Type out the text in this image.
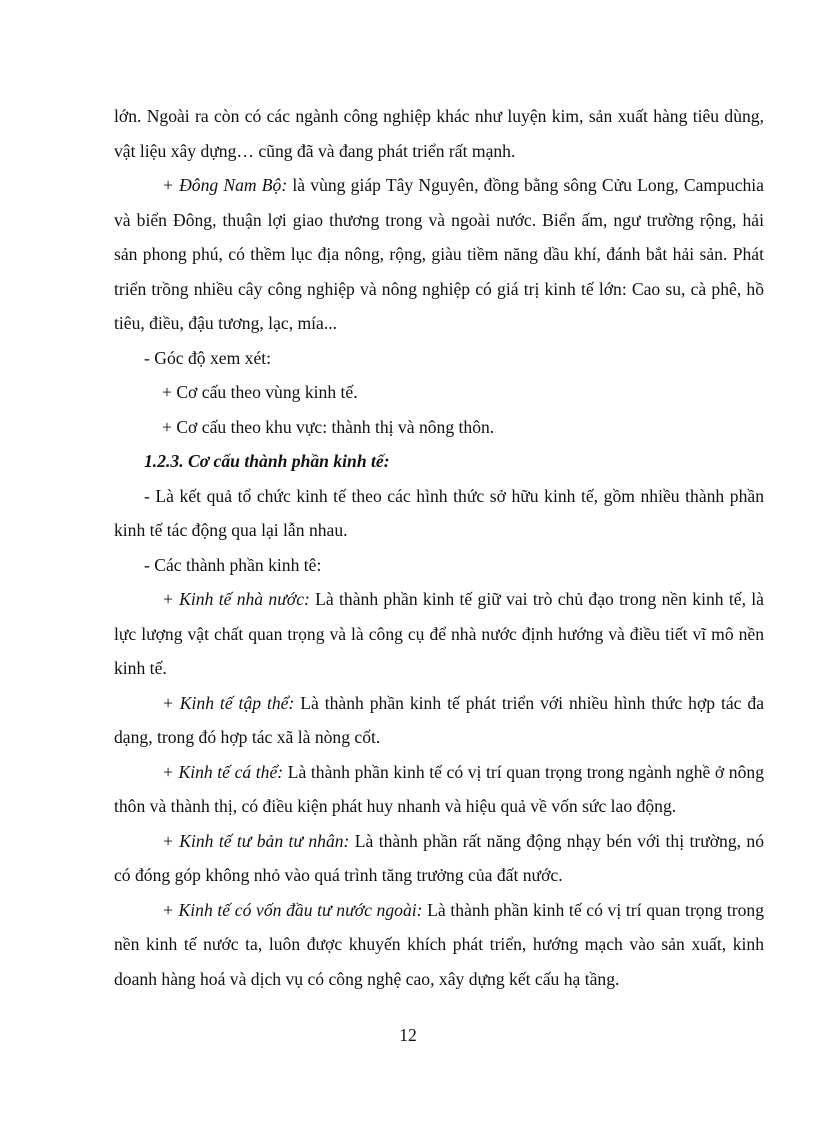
lớn. Ngoài ra còn có các ngành công nghiệp khác như luyện kim, sản xuất hàng tiêu dùng, vật liệu xây dựng… cũng đã và đang phát triển rất mạnh.

+ Đông Nam Bộ: là vùng giáp Tây Nguyên, đồng bằng sông Cửu Long, Campuchia và biển Đông, thuận lợi giao thương trong và ngoài nước. Biển ấm, ngư trường rộng, hải sản phong phú, có thềm lục địa nông, rộng, giàu tiềm năng dầu khí, đánh bắt hải sản. Phát triển trồng nhiều cây công nghiệp và nông nghiệp có giá trị kinh tế lớn: Cao su, cà phê, hồ tiêu, điều, đậu tương, lạc, mía...

- Góc độ xem xét:

+ Cơ cấu theo vùng kinh tế.

+ Cơ cấu theo khu vực: thành thị và nông thôn.

1.2.3. Cơ cấu thành phần kinh tế:

- Là kết quả tổ chức kinh tế theo các hình thức sở hữu kinh tế, gồm nhiều thành phần kinh tế tác động qua lại lẫn nhau.

- Các thành phần kinh tê:

+ Kinh tế nhà nước: Là thành phần kinh tế giữ vai trò chủ đạo trong nền kinh tế, là lực lượng vật chất quan trọng và là công cụ để nhà nước định hướng và điều tiết vĩ mô nền kinh tế.

+ Kinh tế tập thể: Là thành phần kinh tế phát triển với nhiều hình thức hợp tác đa dạng, trong đó hợp tác xã là nòng cốt.

+ Kinh tế cá thể: Là thành phần kinh tế có vị trí quan trọng trong ngành nghề ở nông thôn và thành thị, có điều kiện phát huy nhanh và hiệu quả về vốn sức lao động.

+ Kinh tế tư bản tư nhân: Là thành phần rất năng động nhạy bén với thị trường, nó có đóng góp không nhỏ vào quá trình tăng trưởng của đất nước.

+ Kinh tế có vốn đầu tư nước ngoài: Là thành phần kinh tế có vị trí quan trọng trong nền kinh tế nước ta, luôn được khuyến khích phát triển, hướng mạch vào sản xuất, kinh doanh hàng hoá và dịch vụ có công nghệ cao, xây dựng kết cấu hạ tầng.

12
